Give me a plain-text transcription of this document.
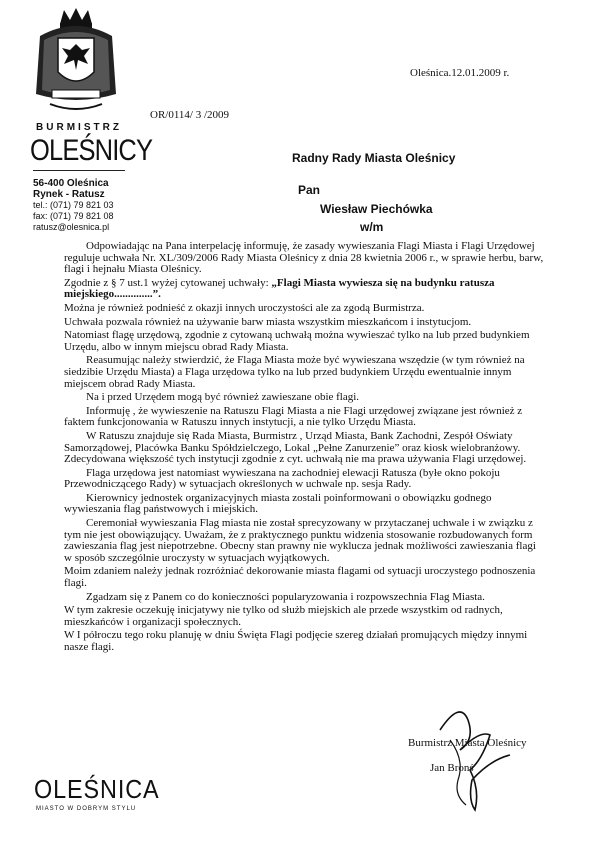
OR/0114/ 3 /2009
BURMISTRZ
OLEŚNICY
56-400 Oleśnica
Rynek - Ratusz
tel.: (071) 79 821 03
fax: (071) 79 821 08
ratusz@olesnica.pl
Oleśnica.12.01.2009 r.
Radny Rady Miasta Oleśnicy
Pan
Wiesław Piechówka
w/m

Odpowiadając na Pana interpelację informuję, że zasady wywieszania Flagi Miasta i Flagi Urzędowej reguluje uchwała Nr. XL/309/2006 Rady Miasta Oleśnicy z dnia 28 kwietnia 2006 r., w sprawie herbu, barw, flagi i hejnału Miasta Oleśnicy.

Zgodnie z § 7 ust.1 wyżej cytowanej uchwały: „Flagi Miasta wywiesza się na budynku ratusza miejskiego..............”.

Można je również podnieść z okazji innych uroczystości ale za zgodą Burmistrza.

Uchwała pozwala również na używanie barw miasta wszystkim mieszkańcom i instytucjom.

Natomiast flagę urzędową, zgodnie z cytowaną uchwałą można wywieszać tylko na lub przed budynkiem Urzędu, albo w innym miejscu obrad Rady Miasta.

Reasumując należy stwierdzić, że Flaga Miasta może być wywieszana wszędzie (w tym również na siedzibie Urzędu Miasta) a Flaga urzędowa tylko na lub przed budynkiem Urzędu ewentualnie innym miejscem obrad Rady Miasta.

Na i przed Urzędem mogą być również zawieszane obie flagi.

Informuję , że wywieszenie na Ratuszu Flagi Miasta a nie Flagi urzędowej związane jest również z faktem funkcjonowania w Ratuszu innych instytucji, a nie tylko Urzędu Miasta.

W Ratuszu znajduje się Rada Miasta, Burmistrz , Urząd Miasta, Bank Zachodni, Zespół Oświaty Samorządowej, Placówka Banku Spółdzielczego, Lokal „Pełne Zanurzenie” oraz kiosk wielobranżowy. Zdecydowana większość tych instytucji zgodnie z cyt. uchwałą nie ma prawa używania Flagi urzędowej.

Flaga urzędowa jest natomiast wywieszana na zachodniej elewacji Ratusza (byłe okno pokoju Przewodniczącego Rady) w sytuacjach określonych w uchwale np. sesja Rady.

Kierownicy jednostek organizacyjnych miasta zostali poinformowani o obowiązku godnego wywieszania flag państwowych i miejskich.

Ceremoniał wywieszania Flag miasta nie został sprecyzowany w przytaczanej uchwale i w związku z tym nie jest obowiązujący. Uważam, że z praktycznego punktu widzenia stosowanie rozbudowanych form zawieszania flag jest niepotrzebne. Obecny stan prawny nie wyklucza jednak możliwości zawieszania flagi w sposób szczególnie uroczysty w sytuacjach wyjątkowych.

Moim zdaniem należy jednak rozróżniać dekorowanie miasta flagami od sytuacji uroczystego podnoszenia flagi.

Zgadzam się z Panem co do konieczności popularyzowania i rozpowszechnia Flag Miasta.

W tym zakresie oczekuję inicjatywy nie tylko od służb miejskich ale przede wszystkim od radnych, mieszkańców i organizacji społecznych.

W I półroczu tego roku planuję w dniu Święta Flagi podjęcie szereg działań promujących między innymi nasze flagi.

Burmistrz Miasta Oleśnicy
Jan Bronś
OLEŚNICA
MIASTO W DOBRYM STYLU
